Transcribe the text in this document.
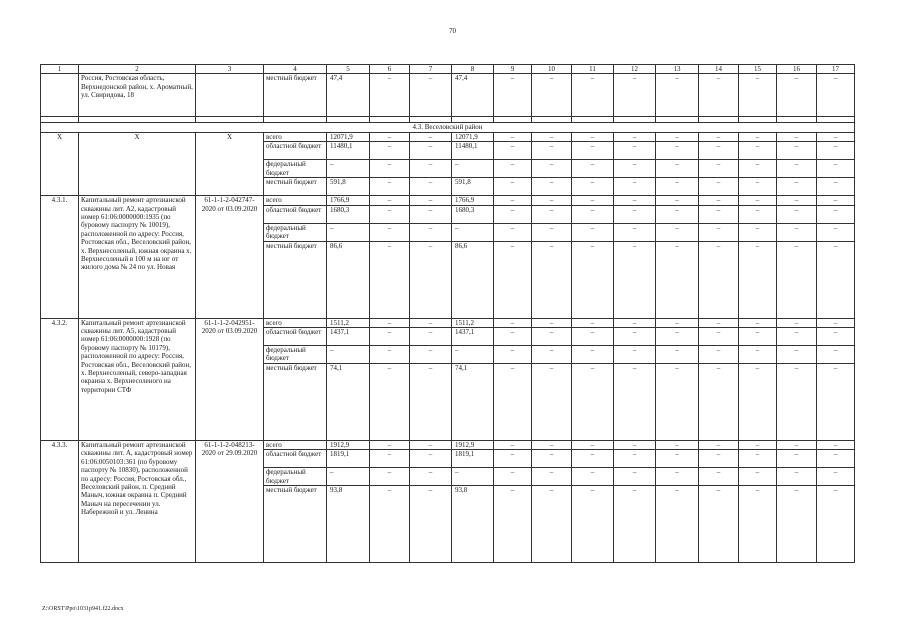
70
1	2	3	4	5	6	7	8	9	10	11	12	13	14	15	16	17
	Россия, Ростовская область, Верхнедонской район, х. Ароматный, ул. Свиридова, 18		местный бюджет	47,4	–	–	47,4	–	–	–	–	–	–	–	–	–

4.3. Веселовский район																
X	X	X	всего	12071,9	–	–	12071,9	–	–	–	–	–	–	–	–	–
			областной бюджет	11480,1	–	–	11480,1	–	–	–	–	–	–	–	–	–
			федеральный бюджет	–	–	–	–	–	–	–	–	–	–	–	–	–
			местный бюджет	591,8	–	–	591,8	–	–	–	–	–	–	–	–	–
4.3.1.	Капитальный ремонт артезианской скважины лит. А2, кадастровый номер 61:06:0000000:1935 (по буровому паспорту № 10019), расположенной по адресу: Россия, Ростовская обл., Веселовский район, х. Верхнесоленый, южная окраина х. Верхнесоленый в 100 м на юг от жилого дома № 24 по ул. Новая	61-1-1-2-042747-2020 от 03.09.2020	всего	1766,9	–	–	1766,9	–	–	–	–	–	–	–	–	–
			областной бюджет	1680,3	–	–	1680,3	–	–	–	–	–	–	–	–	–
			федеральный бюджет	–	–	–	–	–	–	–	–	–	–	–	–	–
			местный бюджет	86,6	–	–	86,6	–	–	–	–	–	–	–	–	–
4.3.2.	Капитальный ремонт артезианской скважины лит. А5, кадастровый номер 61:06:0000000:1928 (по буровому паспорту № 10179), расположенной по адресу: Россия, Ростовская обл., Веселовский район, х. Верхнесоленый, северо-западная окраина х. Верхнесоленого на территории СТФ	61-1-1-2-042951-2020 от 03.09.2020	всего	1511,2	–	–	1511,2	–	–	–	–	–	–	–	–	–
			областной бюджет	1437,1	–	–	1437,1	–	–	–	–	–	–	–	–	–
			федеральный бюджет	–	–	–	–	–	–	–	–	–	–	–	–	–
			местный бюджет	74,1	–	–	74,1	–	–	–	–	–	–	–	–	–
4.3.3.	Капитальный ремонт артезианской скважины лит. А, кадастровый номер 61:06:0050103:361 (по буровому паспорту № 10830), расположенной по адресу: Россия, Ростовская обл., Веселовский район, п. Средний Маныч, южная окраина п. Средний Маныч на пересечении ул. Набережной и ул. Ленина	61-1-1-2-048213-2020 от 29.09.2020	всего	1912,9	–	–	1912,9	–	–	–	–	–	–	–	–	–
			областной бюджет	1819,1	–	–	1819,1	–	–	–	–	–	–	–	–	–
			федеральный бюджет	–	–	–	–	–	–	–	–	–	–	–	–	–
			местный бюджет	93,8	–	–	93,8	–	–	–	–	–	–	–	–	–
Z:\ORST\Ppo\1031p941.f22.docx
